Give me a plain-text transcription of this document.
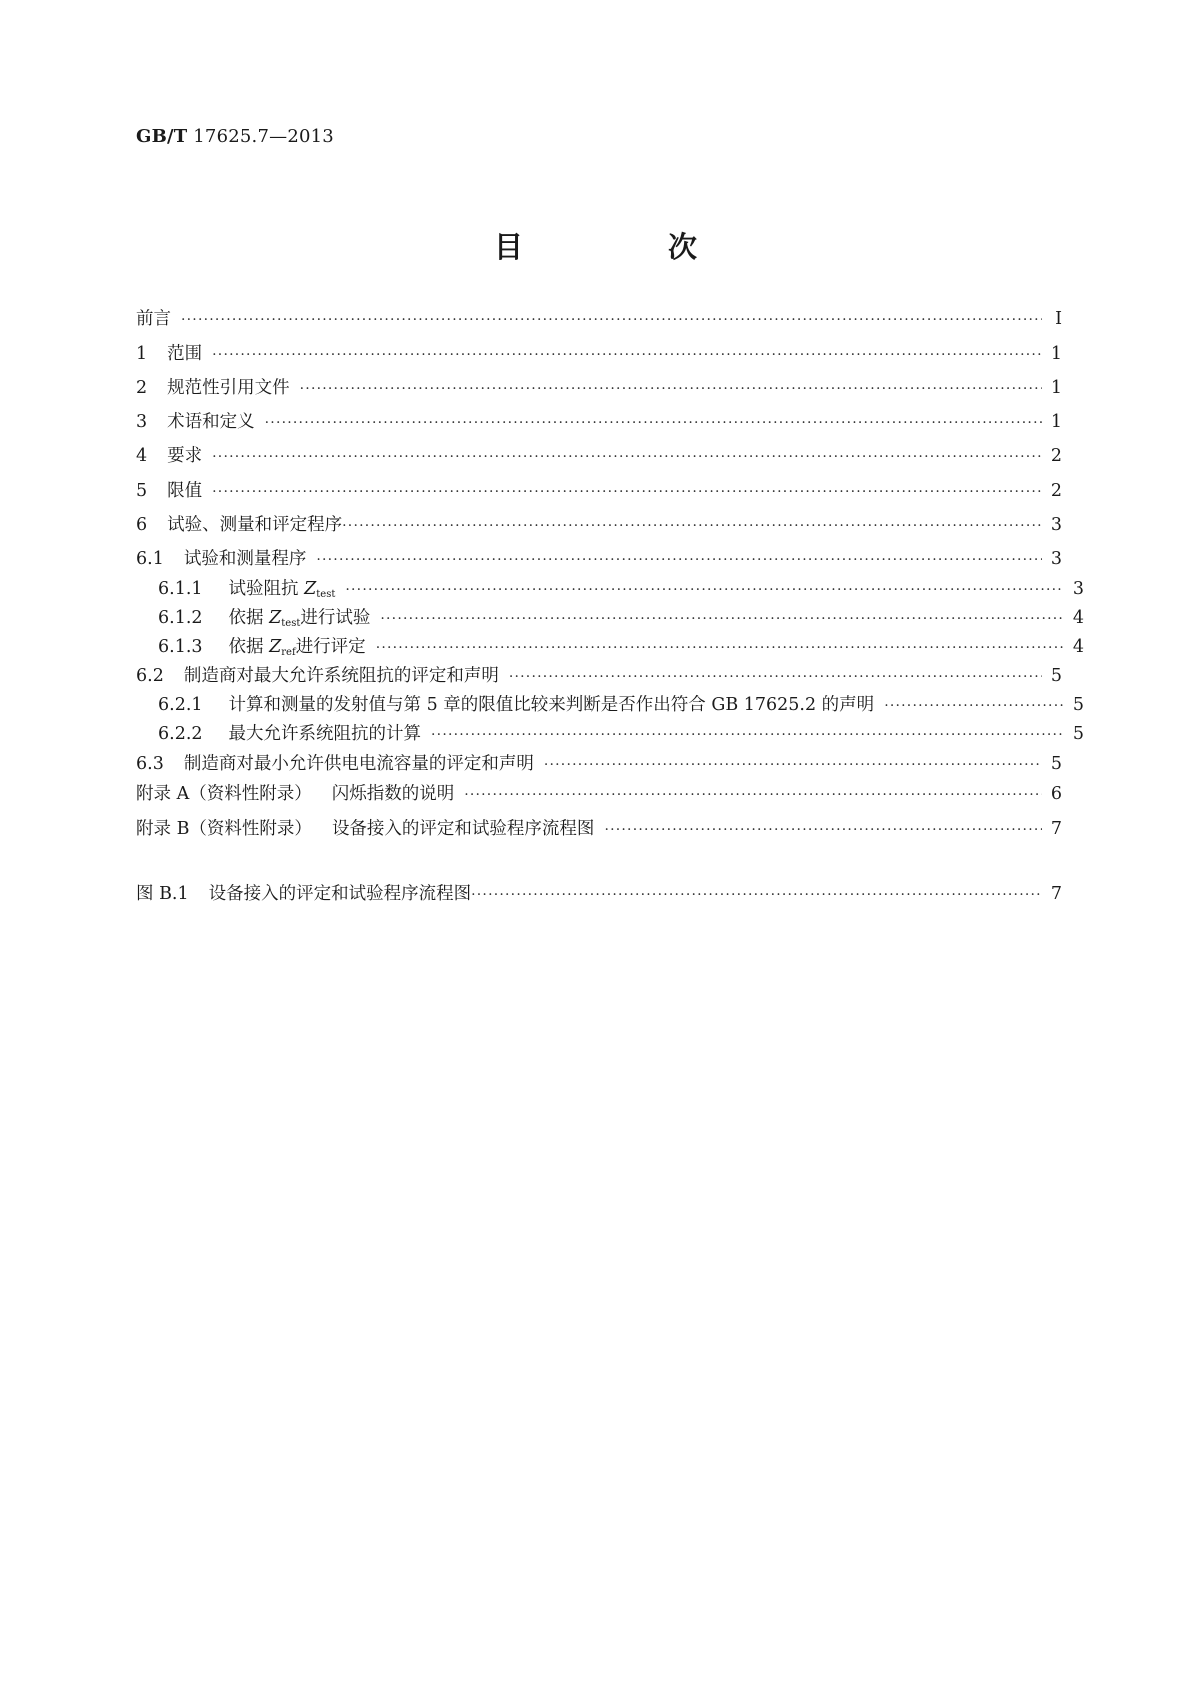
GB/T 17625.7—2013
目　次
前言 ·····	Ⅰ
1 范围 ·····	1
2 规范性引用文件 ·····	1
3 术语和定义 ·····	1
4 要求 ·····	2
5 限值 ·····	2
6 试验、测量和评定程序 ·····	3
6.1 试验和测量程序 ·····	3
6.1.1 试验阻抗 $Z_{test}$ ·····	3
6.1.2 依据 $Z_{test}$进行试验 ·····	4
6.1.3 依据 $Z_{ref}$进行评定 ·····	4
6.2 制造商对最大允许系统阻抗的评定和声明 ·····	5
6.2.1 计算和测量的发射值与第 5 章的限值比较来判断是否作出符合 GB 17625.2 的声明 ·····	5
6.2.2 最大允许系统阻抗的计算 ·····	5
6.3 制造商对最小允许供电电流容量的评定和声明 ·····	5
附录 A（资料性附录） 闪烁指数的说明 ·····	6
附录 B（资料性附录） 设备接入的评定和试验程序流程图 ·····	7
图 B.1 设备接入的评定和试验程序流程图 ·····	7
